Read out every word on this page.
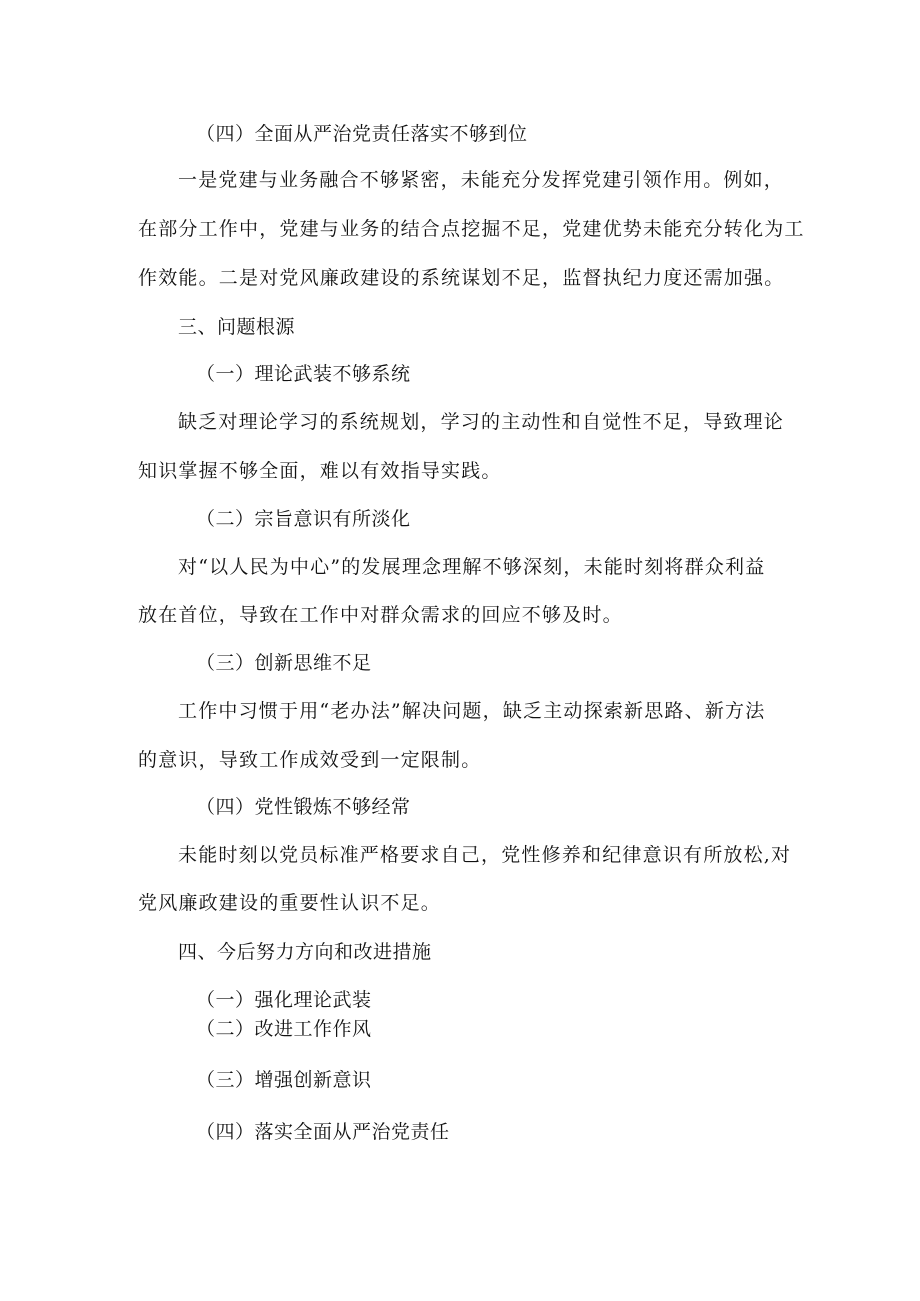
（四）全面从严治党责任落实不够到位

一是党建与业务融合不够紧密，未能充分发挥党建引领作用。例如，

在部分工作中，党建与业务的结合点挖掘不足，党建优势未能充分转化为工

作效能。二是对党风廉政建设的系统谋划不足，监督执纪力度还需加强。

三、问题根源

（一）理论武装不够系统

缺乏对理论学习的系统规划，学习的主动性和自觉性不足，导致理论

知识掌握不够全面，难以有效指导实践。

（二）宗旨意识有所淡化

对“以人民为中心”的发展理念理解不够深刻，未能时刻将群众利益

放在首位，导致在工作中对群众需求的回应不够及时。

（三）创新思维不足

工作中习惯于用“老办法”解决问题，缺乏主动探索新思路、新方法

的意识，导致工作成效受到一定限制。

（四）党性锻炼不够经常

未能时刻以党员标准严格要求自己，党性修养和纪律意识有所放松,对

党风廉政建设的重要性认识不足。

四、今后努力方向和改进措施

（一）强化理论武装

（二）改进工作作风

（三）增强创新意识

（四）落实全面从严治党责任
